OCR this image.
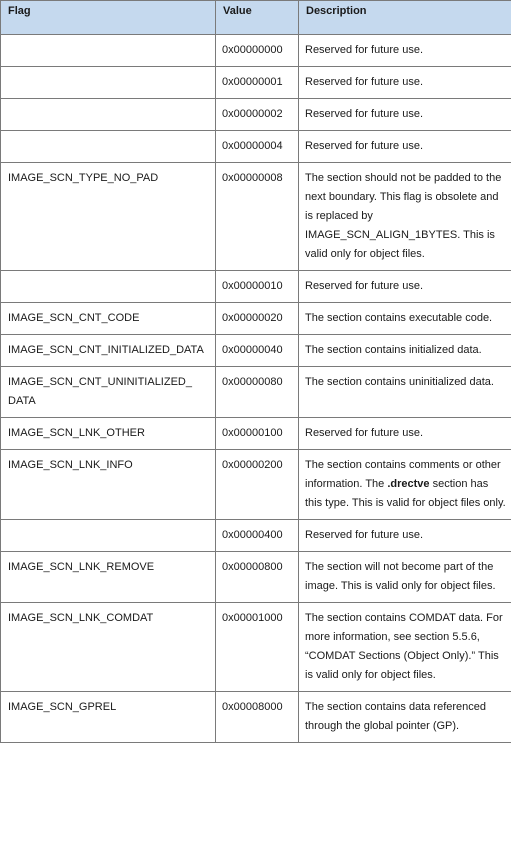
Flag	Value	Description
	0x00000000	Reserved for future use.
	0x00000001	Reserved for future use.
	0x00000002	Reserved for future use.
	0x00000004	Reserved for future use.
IMAGE_SCN_TYPE_NO_PAD	0x00000008	The section should not be padded to the next boundary. This flag is obsolete and is replaced by IMAGE_SCN_ALIGN_1BYTES. This is valid only for object files.
	0x00000010	Reserved for future use.
IMAGE_SCN_CNT_CODE	0x00000020	The section contains executable code.
IMAGE_SCN_CNT_INITIALIZED_DATA	0x00000040	The section contains initialized data.
IMAGE_SCN_CNT_UNINITIALIZED_ DATA	0x00000080	The section contains uninitialized data.
IMAGE_SCN_LNK_OTHER	0x00000100	Reserved for future use.
IMAGE_SCN_LNK_INFO	0x00000200	The section contains comments or other information. The .drectve section has this type. This is valid for object files only.
	0x00000400	Reserved for future use.
IMAGE_SCN_LNK_REMOVE	0x00000800	The section will not become part of the image. This is valid only for object files.
IMAGE_SCN_LNK_COMDAT	0x00001000	The section contains COMDAT data. For more information, see section 5.5.6, “COMDAT Sections (Object Only).” This is valid only for object files.
IMAGE_SCN_GPREL	0x00008000	The section contains data referenced through the global pointer (GP).
